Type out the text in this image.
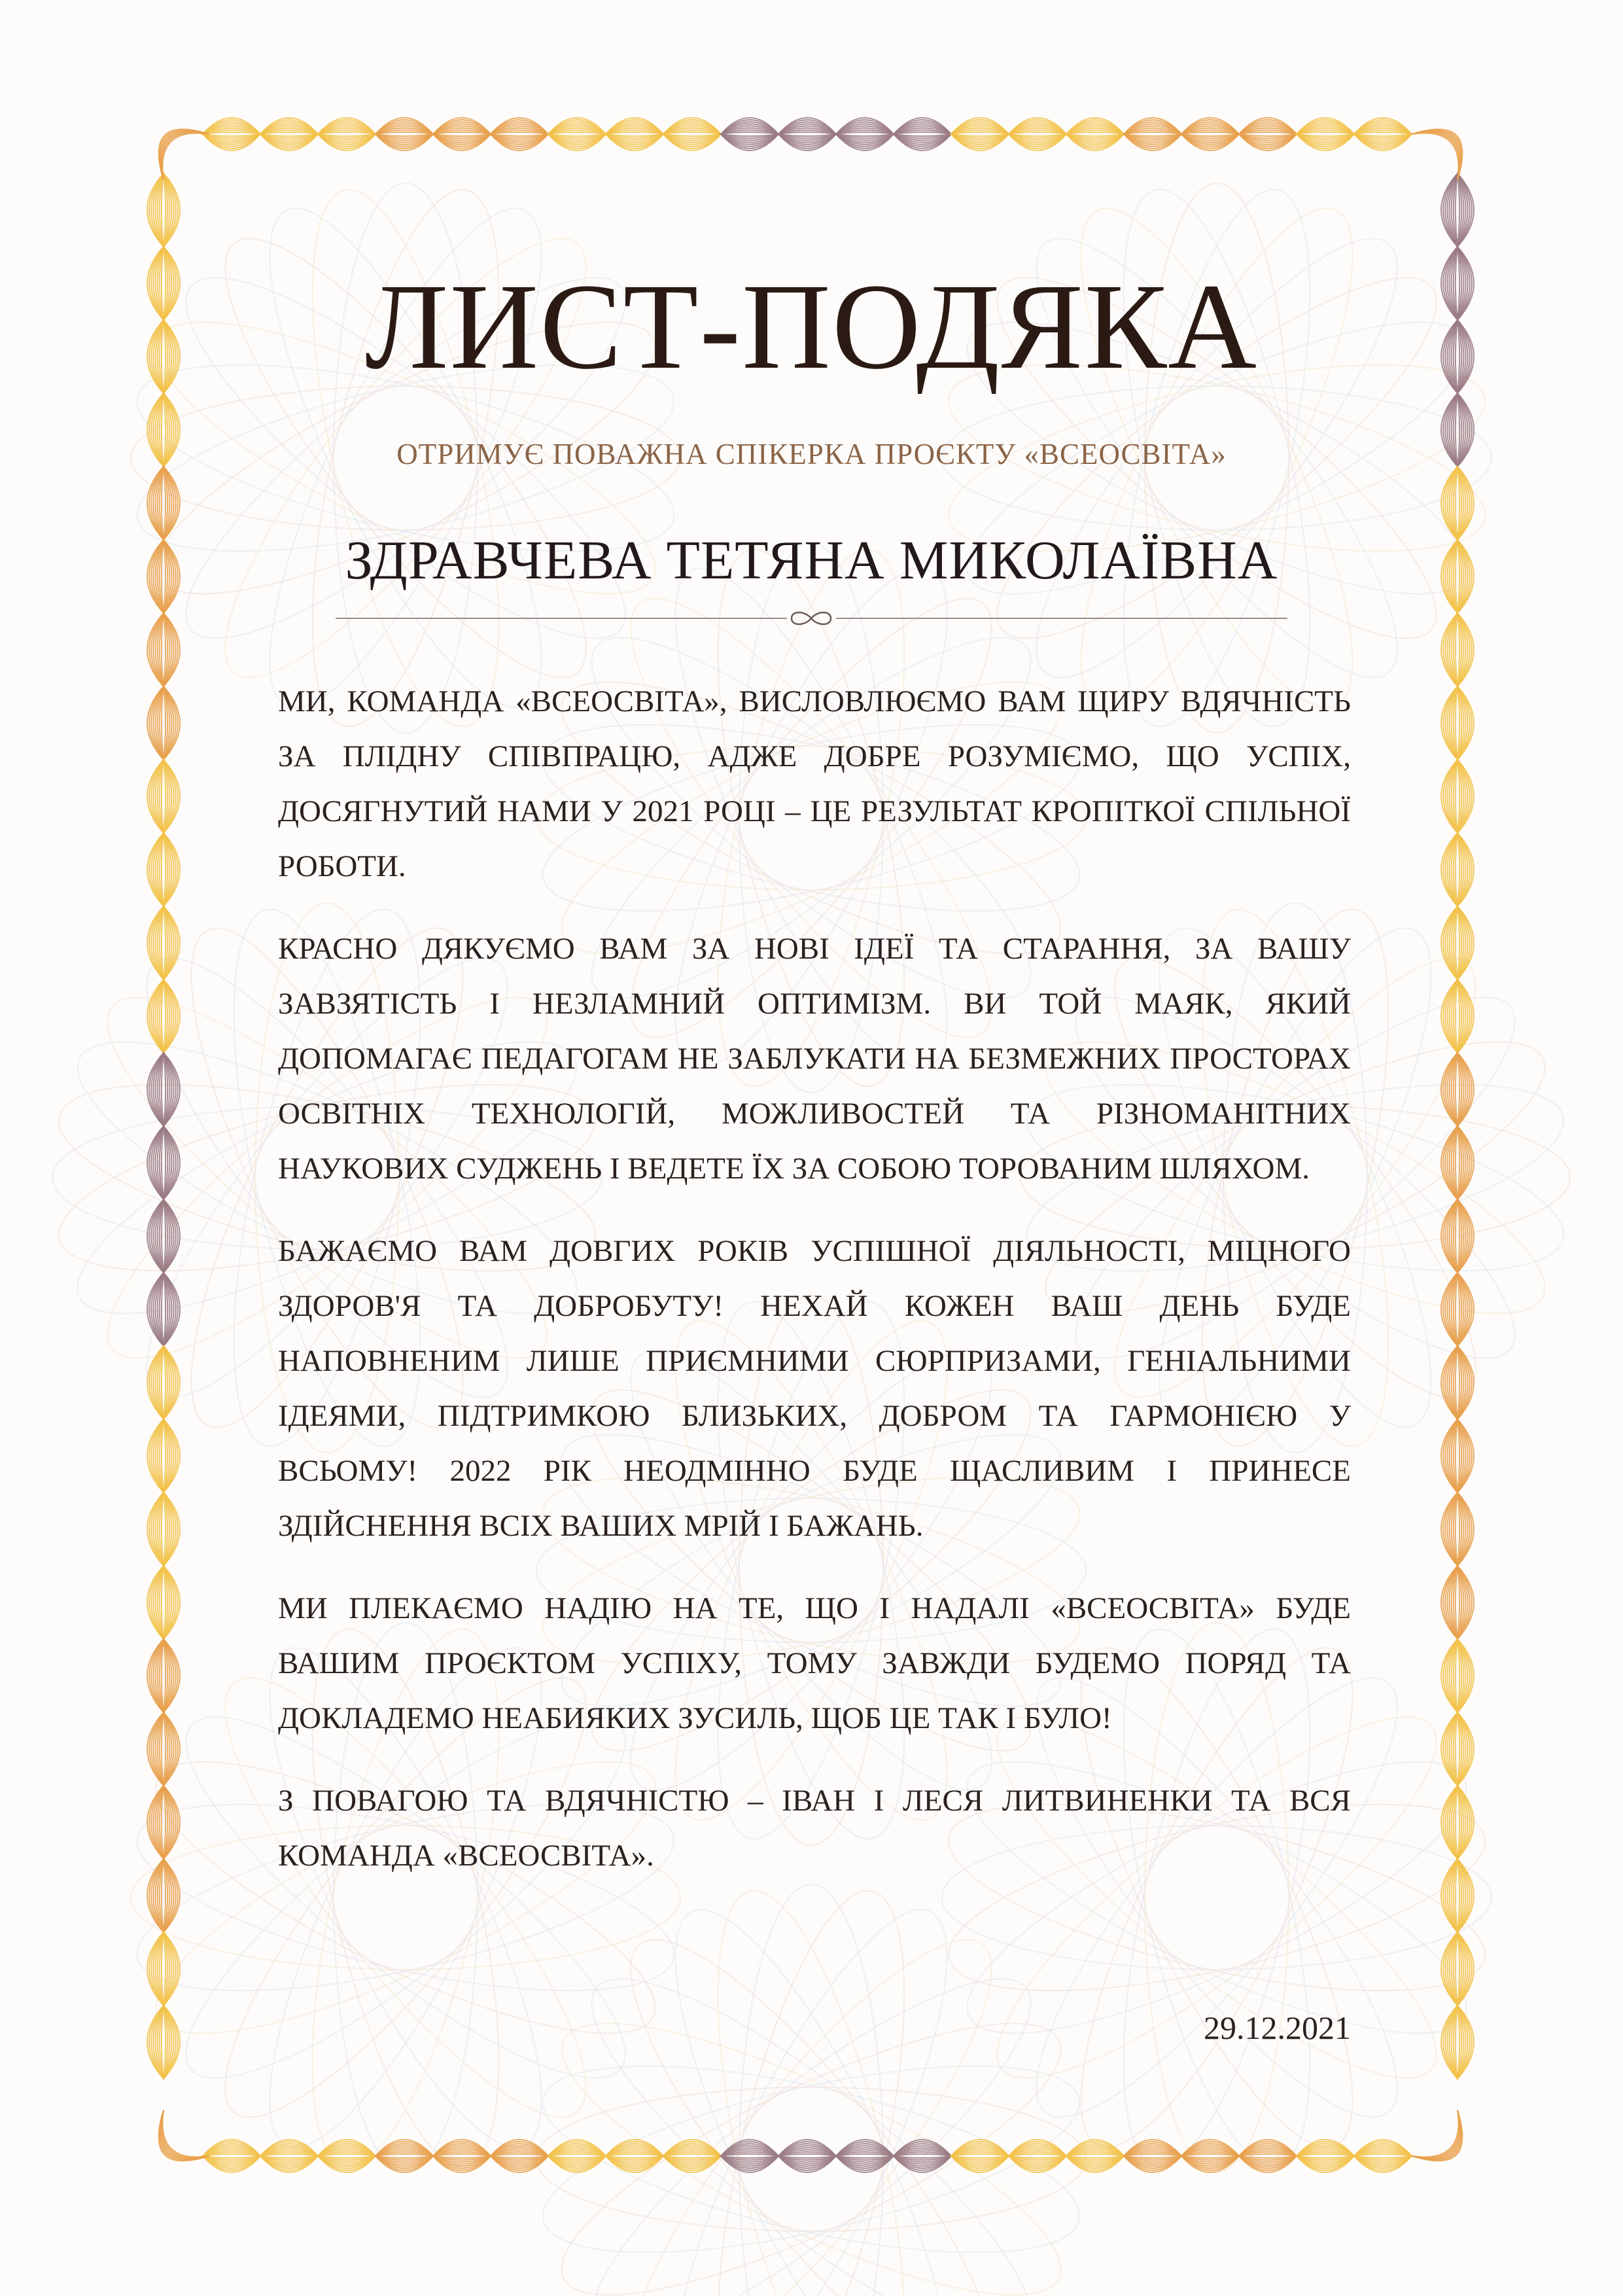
ЛИСТ-ПОДЯКА
ОТРИМУЄ ПОВАЖНА СПІКЕРКА ПРОЄКТУ «ВСЕОСВІТА»
ЗДРАВЧЕВА ТЕТЯНА МИКОЛАЇВНА

МИ, КОМАНДА «ВСЕОСВІТА», ВИСЛОВЛЮЄМО ВАМ ЩИРУ ВДЯЧНІСТЬ ЗА ПЛІДНУ СПІВПРАЦЮ, АДЖЕ ДОБРЕ РОЗУМІЄМО, ЩО УСПІХ, ДОСЯГНУТИЙ НАМИ У 2021 РОЦІ – ЦЕ РЕЗУЛЬТАТ КРОПІТКОЇ СПІЛЬНОЇ РОБОТИ.

КРАСНО ДЯКУЄМО ВАМ ЗА НОВІ ІДЕЇ ТА СТАРАННЯ, ЗА ВАШУ ЗАВЗЯТІСТЬ І НЕЗЛАМНИЙ ОПТИМІЗМ. ВИ ТОЙ МАЯК, ЯКИЙ ДОПОМАГАЄ ПЕДАГОГАМ НЕ ЗАБЛУКАТИ НА БЕЗМЕЖНИХ ПРОСТОРАХ ОСВІТНІХ ТЕХНОЛОГІЙ, МОЖЛИВОСТЕЙ ТА РІЗНОМАНІТНИХ НАУКОВИХ СУДЖЕНЬ І ВЕДЕТЕ ЇХ ЗА СОБОЮ ТОРОВАНИМ ШЛЯХОМ.

БАЖАЄМО ВАМ ДОВГИХ РОКІВ УСПІШНОЇ ДІЯЛЬНОСТІ, МІЦНОГО ЗДОРОВ'Я ТА ДОБРОБУТУ! НЕХАЙ КОЖЕН ВАШ ДЕНЬ БУДЕ НАПОВНЕНИМ ЛИШЕ ПРИЄМНИМИ СЮРПРИЗАМИ, ГЕНІАЛЬНИМИ ІДЕЯМИ, ПІДТРИМКОЮ БЛИЗЬКИХ, ДОБРОМ ТА ГАРМОНІЄЮ У ВСЬОМУ! 2022 РІК НЕОДМІННО БУДЕ ЩАСЛИВИМ І ПРИНЕСЕ ЗДІЙСНЕННЯ ВСІХ ВАШИХ МРІЙ І БАЖАНЬ.

МИ ПЛЕКАЄМО НАДІЮ НА ТЕ, ЩО І НАДАЛІ «ВСЕОСВІТА» БУДЕ ВАШИМ ПРОЄКТОМ УСПІХУ, ТОМУ ЗАВЖДИ БУДЕМО ПОРЯД ТА ДОКЛАДЕМО НЕАБИЯКИХ ЗУСИЛЬ, ЩОБ ЦЕ ТАК І БУЛО!

З ПОВАГОЮ ТА ВДЯЧНІСТЮ – ІВАН І ЛЕСЯ ЛИТВИНЕНКИ ТА ВСЯ КОМАНДА «ВСЕОСВІТА».

29.12.2021
